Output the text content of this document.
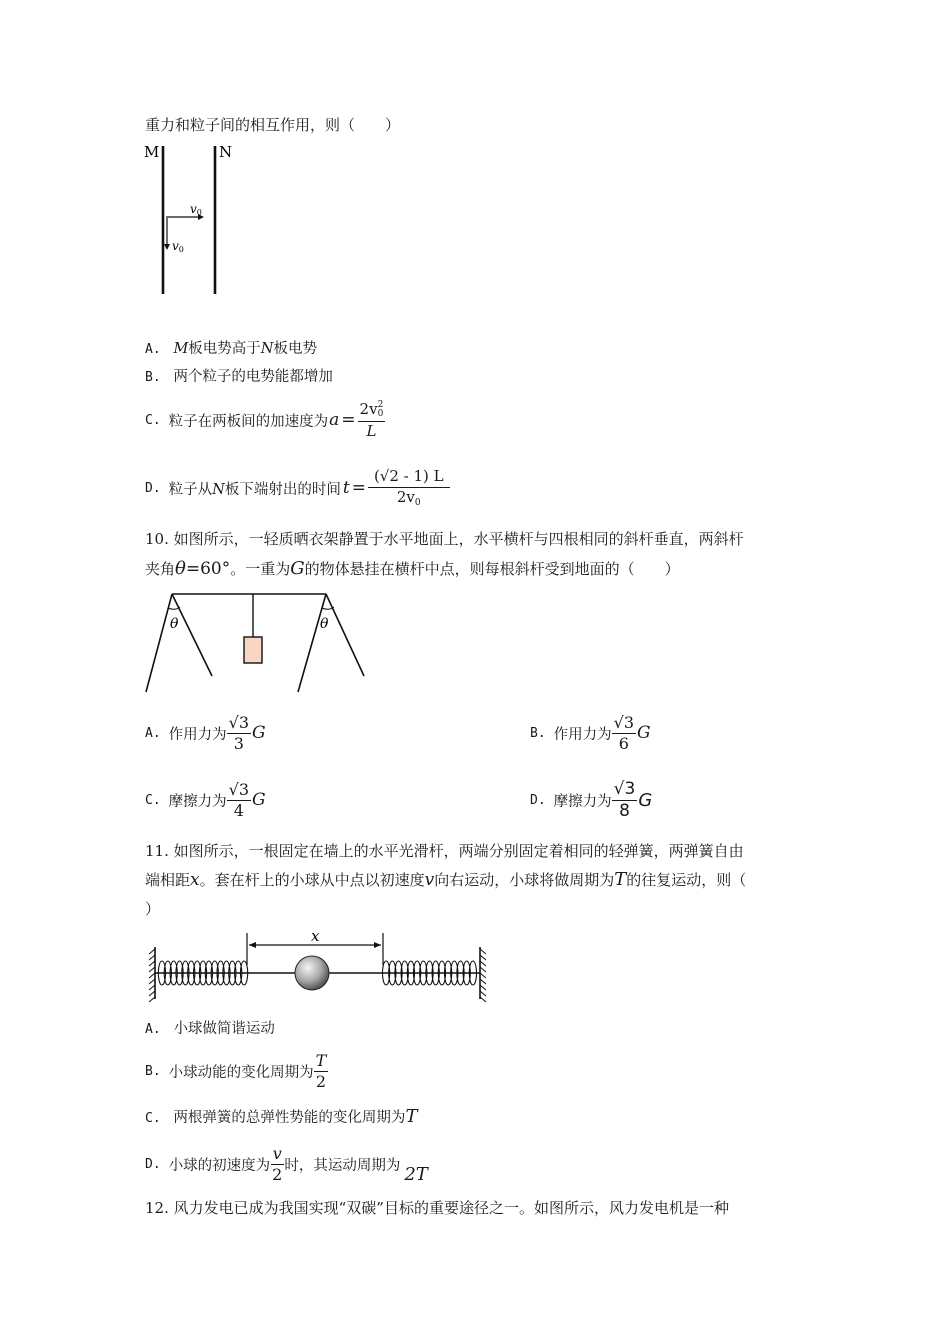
重力和粒子间的相互作用，则（　　）
M	N
v0
v0
A. M板电势高于N板电势
B. 两个粒子的电势能都增加
C. 粒子在两板间的加速度为 a = 2v 2
0
L
D. 粒子从N板下端射出的时间 $t = \frac{(√2 - 1) L}{2v_0}$
10. 如图所示，一轻质晒衣架静置于水平地面上，水平横杆与四根相同的斜杆垂直，两斜杆
夹角θ=60°。一重为G的物体悬挂在横杆中点，则每根斜杆受到地面的（　　）
θ	θ
A. 作用力为 $\frac{√3}{3}$ G	B. 作用力为 $\frac{√3}{6}$ G
C. 摩擦力为 $\frac{√3}{4}$ G	D. 摩擦力为 $\frac{√3}{8}$ G
11. 如图所示，一根固定在墙上的水平光滑杆，两端分别固定着相同的轻弹簧，两弹簧自由
端相距x。套在杆上的小球从中点以初速度v向右运动，小球将做周期为T的往复运动，则（
）
x
A. 小球做简谐运动
B. 小球动能的变化周期为 $\frac{T}{2}$
C. 两根弹簧的总弹性势能的变化周期为T
D. 小球的初速度为 $\frac{v}{2}$ 时，其运动周期为 2T
12. 风力发电已成为我国实现“双碳”目标的重要途径之一。如图所示，风力发电机是一种
